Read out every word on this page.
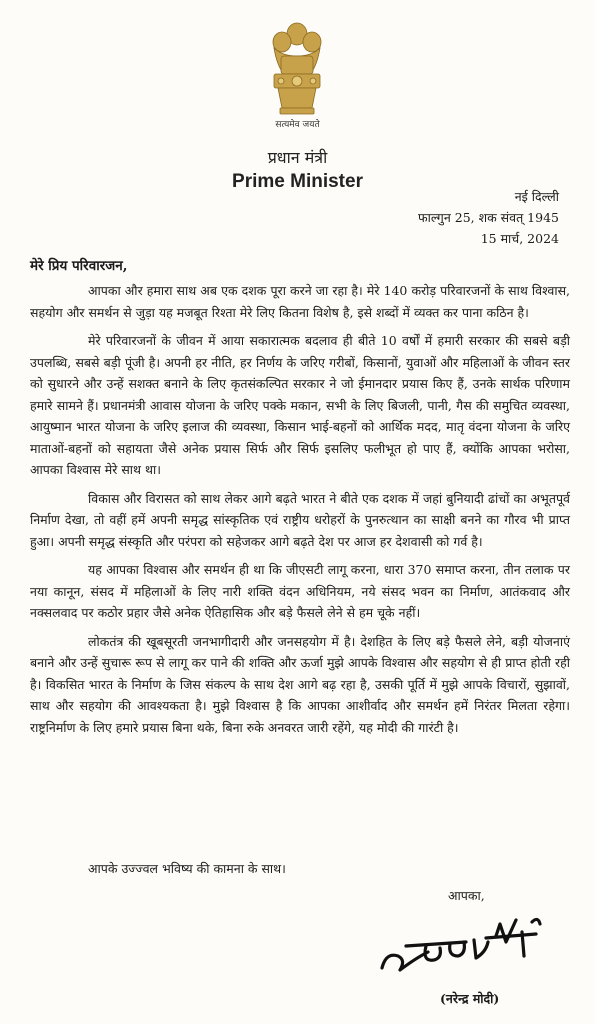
सत्यमेव जयते
प्रधान मंत्री
Prime Minister
नई दिल्ली
फाल्गुन 25, शक संवत् 1945
15 मार्च, 2024
मेरे प्रिय परिवारजन,

आपका और हमारा साथ अब एक दशक पूरा करने जा रहा है। मेरे 140 करोड़ परिवारजनों के साथ विश्वास, सहयोग और समर्थन से जुड़ा यह मजबूत रिश्ता मेरे लिए कितना विशेष है, इसे शब्दों में व्यक्त कर पाना कठिन है।

मेरे परिवारजनों के जीवन में आया सकारात्मक बदलाव ही बीते 10 वर्षों में हमारी सरकार की सबसे बड़ी उपलब्धि, सबसे बड़ी पूंजी है। अपनी हर नीति, हर निर्णय के जरिए गरीबों, किसानों, युवाओं और महिलाओं के जीवन स्तर को सुधारने और उन्हें सशक्त बनाने के लिए कृतसंकल्पित सरकार ने जो ईमानदार प्रयास किए हैं, उनके सार्थक परिणाम हमारे सामने हैं। प्रधानमंत्री आवास योजना के जरिए पक्के मकान, सभी के लिए बिजली, पानी, गैस की समुचित व्यवस्था, आयुष्मान भारत योजना के जरिए इलाज की व्यवस्था, किसान भाई-बहनों को आर्थिक मदद, मातृ वंदना योजना के जरिए माताओं-बहनों को सहायता जैसे अनेक प्रयास सिर्फ और सिर्फ इसलिए फलीभूत हो पाए हैं, क्योंकि आपका भरोसा, आपका विश्वास मेरे साथ था।

विकास और विरासत को साथ लेकर आगे बढ़ते भारत ने बीते एक दशक में जहां बुनियादी ढांचों का अभूतपूर्व निर्माण देखा, तो वहीं हमें अपनी समृद्ध सांस्कृतिक एवं राष्ट्रीय धरोहरों के पुनरुत्थान का साक्षी बनने का गौरव भी प्राप्त हुआ। अपनी समृद्ध संस्कृति और परंपरा को सहेजकर आगे बढ़ते देश पर आज हर देशवासी को गर्व है।

यह आपका विश्वास और समर्थन ही था कि जीएसटी लागू करना, धारा 370 समाप्त करना, तीन तलाक पर नया कानून, संसद में महिलाओं के लिए नारी शक्ति वंदन अधिनियम, नये संसद भवन का निर्माण, आतंकवाद और नक्सलवाद पर कठोर प्रहार जैसे अनेक ऐतिहासिक और बड़े फैसले लेने से हम चूके नहीं।

लोकतंत्र की खूबसूरती जनभागीदारी और जनसहयोग में है। देशहित के लिए बड़े फैसले लेने, बड़ी योजनाएं बनाने और उन्हें सुचारू रूप से लागू कर पाने की शक्ति और ऊर्जा मुझे आपके विश्वास और सहयोग से ही प्राप्त होती रही है। विकसित भारत के निर्माण के जिस संकल्प के साथ देश आगे बढ़ रहा है, उसकी पूर्ति में मुझे आपके विचारों, सुझावों, साथ और सहयोग की आवश्यकता है। मुझे विश्वास है कि आपका आशीर्वाद और समर्थन हमें निरंतर मिलता रहेगा। राष्ट्रनिर्माण के लिए हमारे प्रयास बिना थके, बिना रुके अनवरत जारी रहेंगे, यह मोदी की गारंटी है।

आपके उज्ज्वल भविष्य की कामना के साथ।
आपका,
(नरेन्द्र मोदी)
